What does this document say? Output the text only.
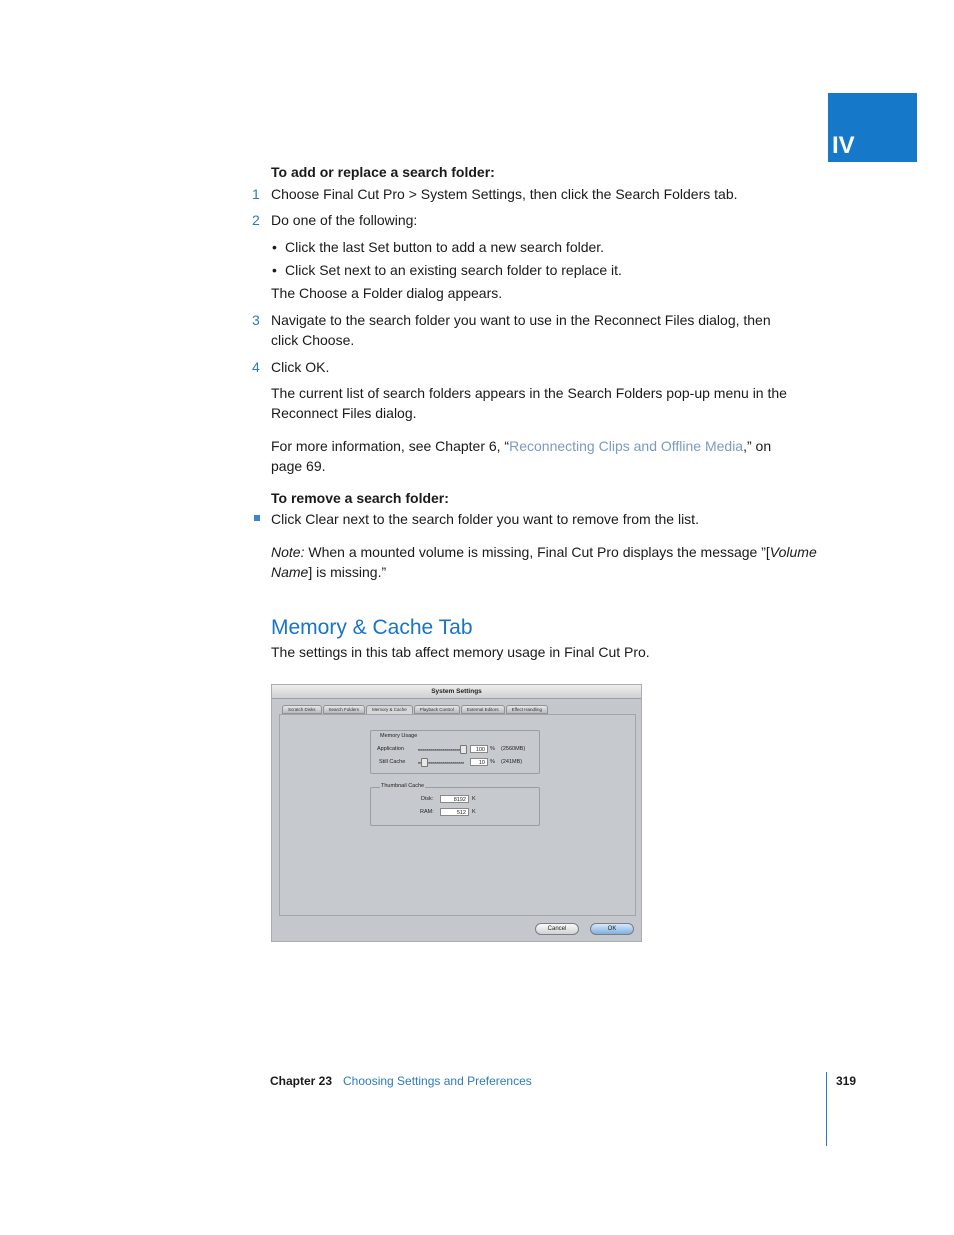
IV
To add or replace a search folder:
1 Choose Final Cut Pro > System Settings, then click the Search Folders tab.
2 Do one of the following:
• Click the last Set button to add a new search folder.
• Click Set next to an existing search folder to replace it.
The Choose a Folder dialog appears.
3 Navigate to the search folder you want to use in the Reconnect Files dialog, then
click Choose.
4 Click OK.
The current list of search folders appears in the Search Folders pop-up menu in the
Reconnect Files dialog.
For more information, see Chapter 6, “Reconnecting Clips and Offline Media,” on
page 69.
To remove a search folder:
Click Clear next to the search folder you want to remove from the list.
Note: When a mounted volume is missing, Final Cut Pro displays the message ”[Volume
Name] is missing.”
Memory & Cache Tab
The settings in this tab affect memory usage in Final Cut Pro.
System Settings
Scratch Disks	Search Folders	Memory & Cache	Playback Control	External Editors	Effect Handling
Memory Usage
Application	100 % (2560MB)
Still Cache	10 % (241MB)
Thumbnail Cache
Disk:	8192	K
RAM:	512	K
Cancel	OK
Chapter 23 Choosing Settings and Preferences	319
